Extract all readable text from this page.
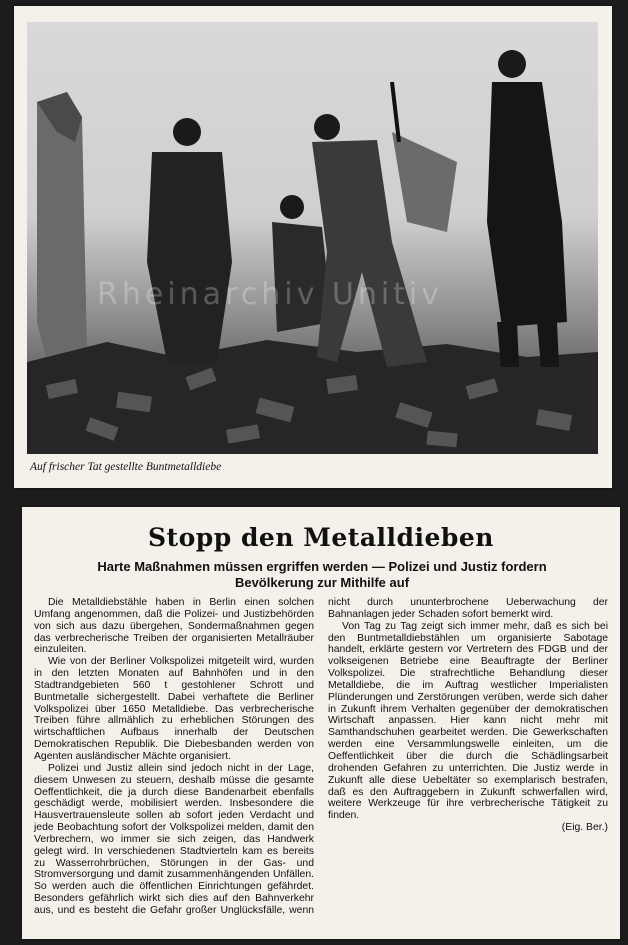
Rheinarchiv Unitiv
Auf frischer Tat gestellte Buntmetalldiebe
Stopp den Metalldieben
Harte Maßnahmen müssen ergriffen werden — Polizei und Justiz fordern Bevölkerung zur Mithilfe auf

Die Metalldiebstähle haben in Berlin einen solchen Umfang angenommen, daß die Polizei- und Justizbehörden von sich aus dazu übergehen, Sondermaßnahmen gegen das verbrecherische Treiben der organisierten Metallräuber einzuleiten.

Wie von der Berliner Volkspolizei mitgeteilt wird, wurden in den letzten Monaten auf Bahnhöfen und in den Stadtrandgebieten 560 t gestohlener Schrott und Buntmetalle sichergestellt. Dabei verhaftete die Berliner Volkspolizei über 1650 Metalldiebe. Das verbrecherische Treiben führe allmählich zu erheblichen Störungen des wirtschaftlichen Aufbaus innerhalb der Deutschen Demokratischen Republik. Die Diebesbanden werden von Agenten ausländischer Mächte organisiert.

Polizei und Justiz allein sind jedoch nicht in der Lage, diesem Unwesen zu steuern, deshalb müsse die gesamte Oeffentlichkeit, die ja durch diese Bandenarbeit ebenfalls geschädigt werde, mobilisiert werden. Insbesondere die Hausvertrauensleute sollen ab sofort jeden Verdacht und jede Beobachtung sofort der Volkspolizei melden, damit den Verbrechern, wo immer sie sich zeigen, das Handwerk gelegt wird. In verschiedenen Stadtvierteln kam es bereits zu Wasserrohrbrüchen, Störungen in der Gas- und Stromversorgung und damit zusammenhängenden Unfällen. So werden auch die öffentlichen Einrichtungen gefährdet. Besonders gefährlich wirkt sich dies auf den Bahnverkehr aus, und es besteht die Gefahr großer Unglücksfälle, wenn nicht durch ununterbrochene Ueberwachung der Bahnanlagen jeder Schaden sofort bemerkt wird.

Von Tag zu Tag zeigt sich immer mehr, daß es sich bei den Buntmetalldiebstählen um organisierte Sabotage handelt, erklärte gestern vor Vertretern des FDGB und der volkseigenen Betriebe eine Beauftragte der Berliner Volkspolizei. Die strafrechtliche Behandlung dieser Metalldiebe, die im Auftrag westlicher Imperialisten Plünderungen und Zerstörungen verüben, werde sich daher in Zukunft ihrem Verhalten gegenüber der demokratischen Wirtschaft anpassen. Hier kann nicht mehr mit Samthandschuhen gearbeitet werden. Die Gewerkschaften werden eine Versammlungswelle einleiten, um die Oeffentlichkeit über die durch die Schädlingsarbeit drohenden Gefahren zu unterrichten. Die Justiz werde in Zukunft alle diese Uebeltäter so exemplarisch bestrafen, daß es den Auftraggebern in Zukunft schwerfallen wird, weitere Werkzeuge für ihre verbrecherische Tätigkeit zu finden.

(Eig. Ber.)
